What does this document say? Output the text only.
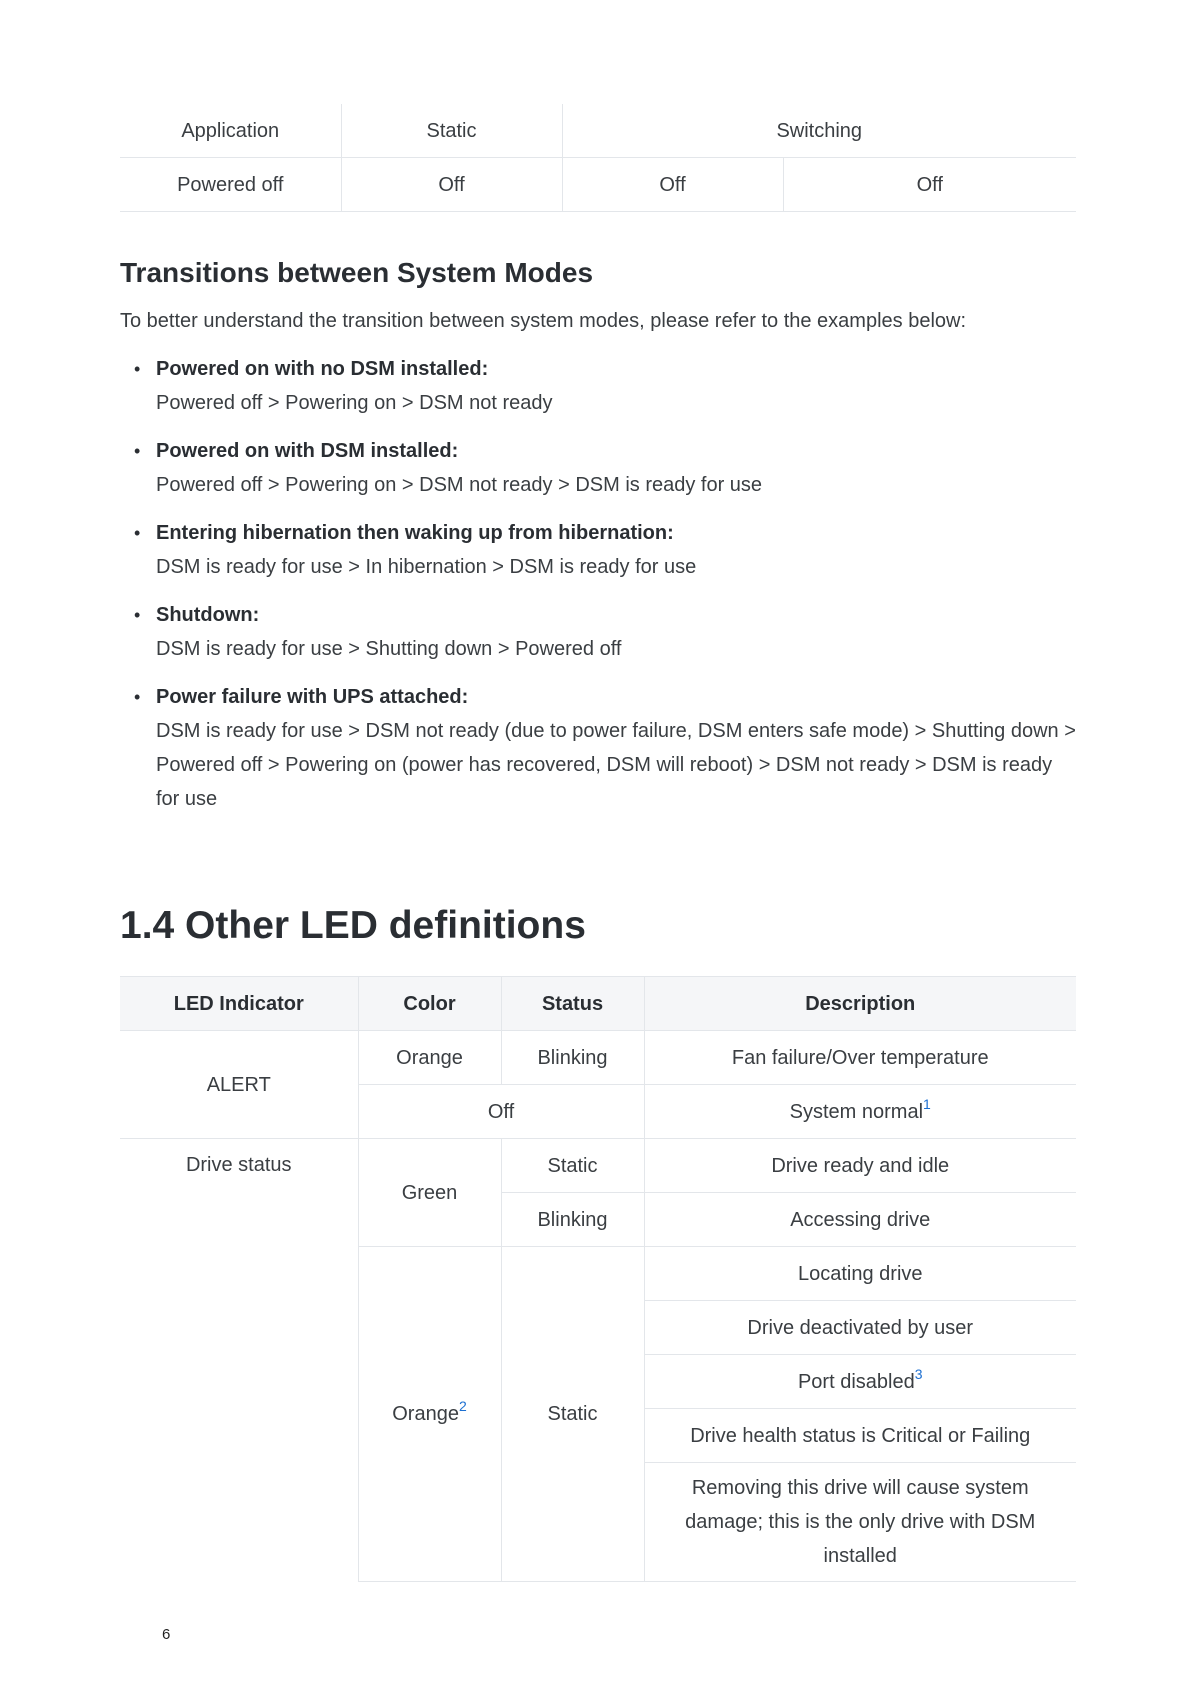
Application	Static	Switching	
Powered off	Off	Off	Off
Transitions between System Modes

To better understand the transition between system modes, please refer to the examples below:

• Powered on with no DSM installed:
Powered off > Powering on > DSM not ready
• Powered on with DSM installed:
Powered off > Powering on > DSM not ready > DSM is ready for use
• Entering hibernation then waking up from hibernation:
DSM is ready for use > In hibernation > DSM is ready for use
• Shutdown:
DSM is ready for use > Shutting down > Powered off
• Power failure with UPS attached:
DSM is ready for use > DSM not ready (due to power failure, DSM enters safe mode) > Shutting down > Powered off > Powering on (power has recovered, DSM will reboot) > DSM not ready > DSM is ready for use
1.4 Other LED definitions
LED Indicator	Color	Status	Description
ALERT	Orange	Blinking	Fan failure/Over temperature
	Off		System normal$^1$
Drive status	Green	Static	Drive ready and idle
		Blinking	Accessing drive
	Orange$^2$	Static	Locating drive
			Drive deactivated by user
			Port disabled$^3$
			Drive health status is Critical or Failing
			Removing this drive will cause system damage; this is the only drive with DSM installed
6
